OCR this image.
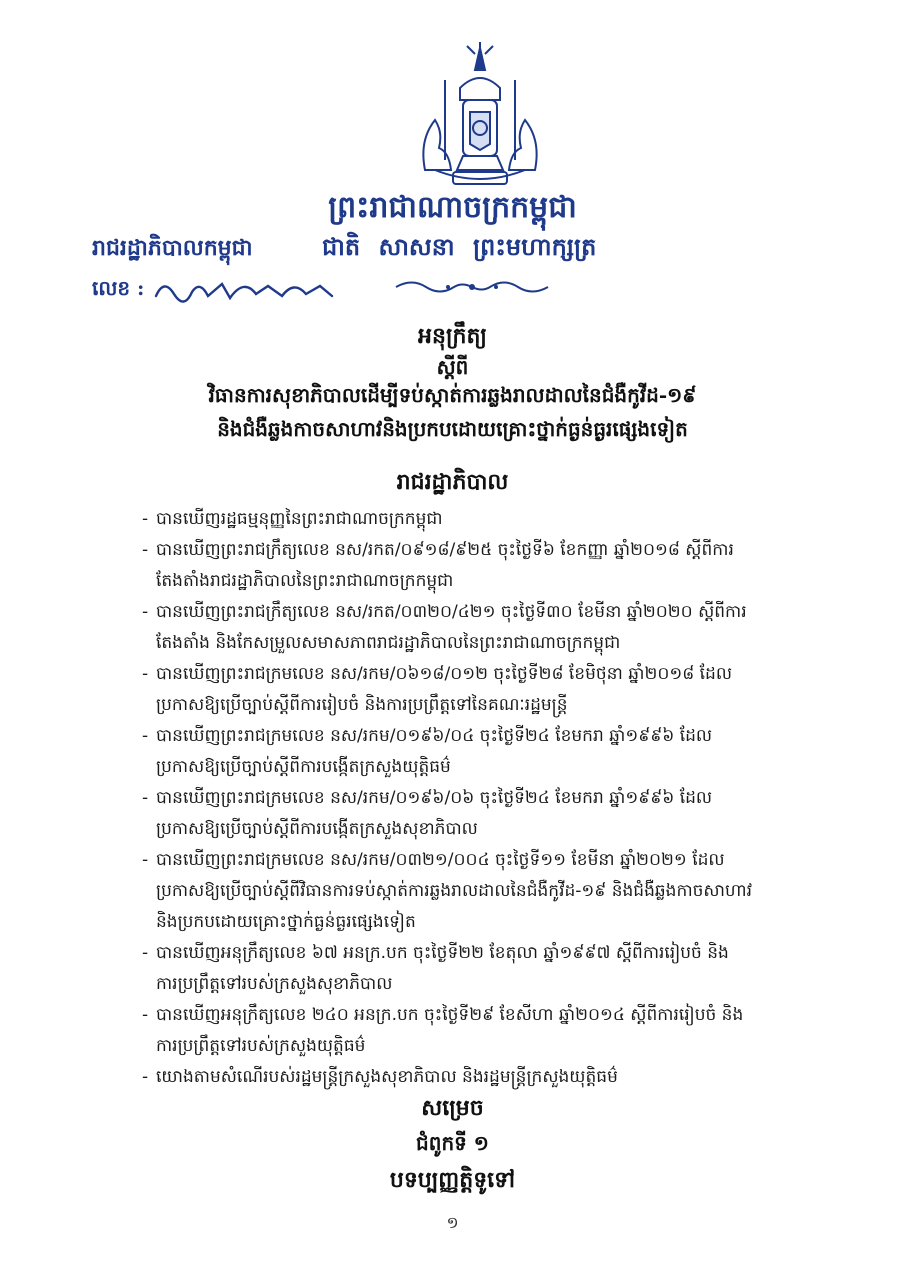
ព្រះរាជាណាចក្រកម្ពុជា
រាជរដ្ឋាភិបាលកម្ពុជា	ជាតិ សាសនា ព្រះមហាក្សត្រ
លេខ :
អនុក្រឹត្យ
ស្ដីពី
វិធានការសុខាភិបាលដើម្បីទប់ស្កាត់ការឆ្លងរាលដាលនៃជំងឺកូវីដ-១៩
និងជំងឺឆ្លងកាចសាហាវនិងប្រកបដោយគ្រោះថ្នាក់ធ្ងន់ធ្ងរផ្សេងទៀត
រាជរដ្ឋាភិបាល
- បានឃើញរដ្ឋធម្មនុញ្ញនៃព្រះរាជាណាចក្រកម្ពុជា
- បានឃើញព្រះរាជក្រឹត្យលេខ នស/រកត/០៩១៨/៩២៥ ចុះថ្ងៃទី៦ ខែកញ្ញា ឆ្នាំ២០១៨ ស្ដីពីការ
តែងតាំងរាជរដ្ឋាភិបាលនៃព្រះរាជាណាចក្រកម្ពុជា
- បានឃើញព្រះរាជក្រឹត្យលេខ នស/រកត/០៣២០/៤២១ ចុះថ្ងៃទី៣០ ខែមីនា ឆ្នាំ២០២០ ស្ដីពីការ
តែងតាំង និងកែសម្រួលសមាសភាពរាជរដ្ឋាភិបាលនៃព្រះរាជាណាចក្រកម្ពុជា
- បានឃើញព្រះរាជក្រមលេខ នស/រកម/០៦១៨/០១២ ចុះថ្ងៃទី២៨ ខែមិថុនា ឆ្នាំ២០១៨ ដែល
ប្រកាសឱ្យប្រើច្បាប់ស្ដីពីការរៀបចំ និងការប្រព្រឹត្តទៅនៃគណៈរដ្ឋមន្ត្រី
- បានឃើញព្រះរាជក្រមលេខ នស/រកម/០១៩៦/០៤ ចុះថ្ងៃទី២៤ ខែមករា ឆ្នាំ១៩៩៦ ដែល
ប្រកាសឱ្យប្រើច្បាប់ស្ដីពីការបង្កើតក្រសួងយុត្តិធម៌
- បានឃើញព្រះរាជក្រមលេខ នស/រកម/០១៩៦/០៦ ចុះថ្ងៃទី២៤ ខែមករា ឆ្នាំ១៩៩៦ ដែល
ប្រកាសឱ្យប្រើច្បាប់ស្ដីពីការបង្កើតក្រសួងសុខាភិបាល
- បានឃើញព្រះរាជក្រមលេខ នស/រកម/០៣២១/០០៤ ចុះថ្ងៃទី១១ ខែមីនា ឆ្នាំ២០២១ ដែល
ប្រកាសឱ្យប្រើច្បាប់ស្ដីពីវិធានការទប់ស្កាត់ការឆ្លងរាលដាលនៃជំងឺកូវីដ-១៩ និងជំងឺឆ្លងកាចសាហាវ
និងប្រកបដោយគ្រោះថ្នាក់ធ្ងន់ធ្ងរផ្សេងទៀត
- បានឃើញអនុក្រឹត្យលេខ ៦៧ អនក្រ.បក ចុះថ្ងៃទី២២ ខែតុលា ឆ្នាំ១៩៩៧ ស្ដីពីការរៀបចំ និង
ការប្រព្រឹត្តទៅរបស់ក្រសួងសុខាភិបាល
- បានឃើញអនុក្រឹត្យលេខ ២៤០ អនក្រ.បក ចុះថ្ងៃទី២៩ ខែសីហា ឆ្នាំ២០១៤ ស្ដីពីការរៀបចំ និង
ការប្រព្រឹត្តទៅរបស់ក្រសួងយុត្តិធម៌
- យោងតាមសំណើរបស់រដ្ឋមន្ត្រីក្រសួងសុខាភិបាល និងរដ្ឋមន្ត្រីក្រសួងយុត្តិធម៌
សម្រេច
ជំពូកទី ១
បទប្បញ្ញត្តិទូទៅ
១
